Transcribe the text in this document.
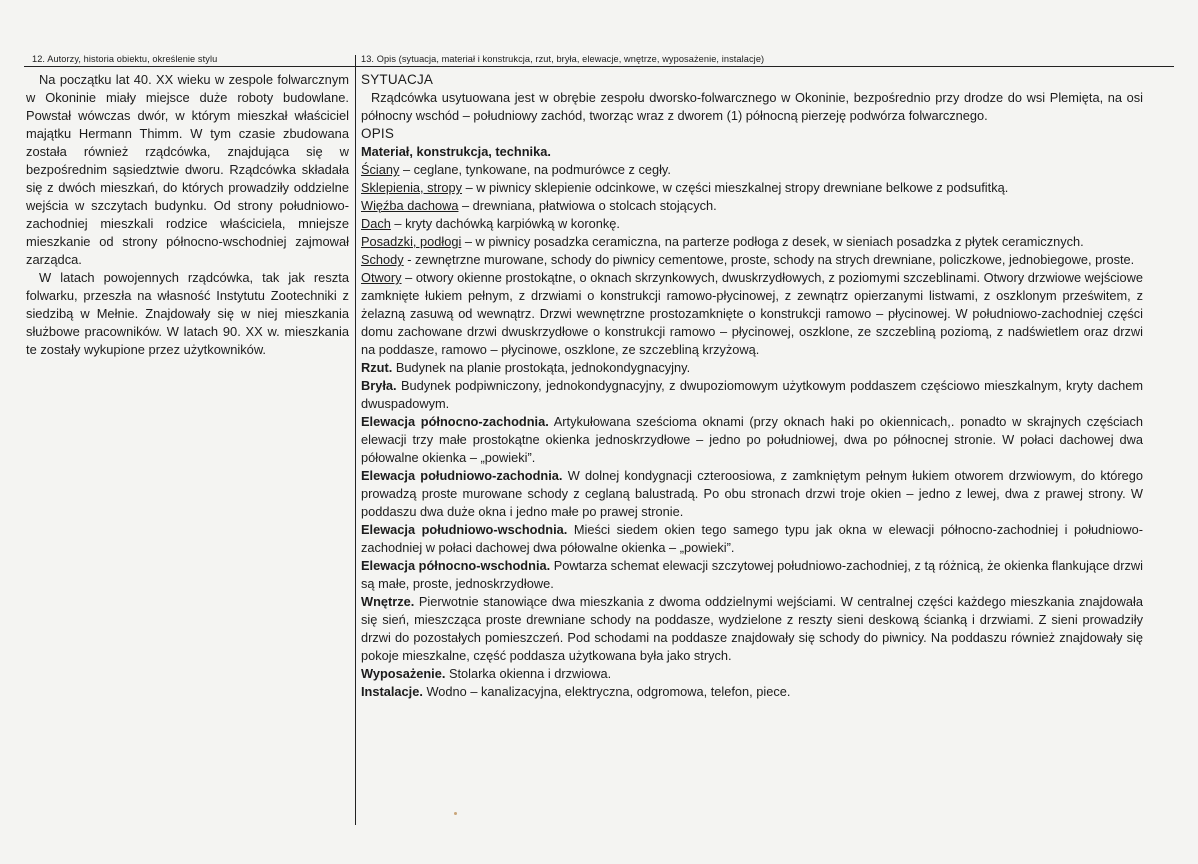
12. Autorzy, historia obiektu, określenie stylu	13. Opis (sytuacja, materiał i konstrukcja, rzut, bryła, elewacje, wnętrze, wyposażenie, instalacje)

Na początku lat 40. XX wieku w zespole folwarcznym w Okoninie miały miejsce duże roboty budowlane. Powstał wówczas dwór, w którym mieszkał właściciel majątku Hermann Thimm. W tym czasie zbudowana została również rządcówka, znajdująca się w bezpośrednim sąsiedztwie dworu. Rządcówka składała się z dwóch mieszkań, do których prowadziły oddzielne wejścia w szczytach budynku. Od strony południowo-zachodniej mieszkali rodzice właściciela, mniejsze mieszkanie od strony północno-wschodniej zajmował zarządca.

W latach powojennych rządcówka, tak jak reszta folwarku, przeszła na własność Instytutu Zootechniki z siedzibą w Mełnie. Znajdowały się w niej mieszkania służbowe pracowników. W latach 90. XX w. mieszkania te zostały wykupione przez użytkowników.

SYTUACJA
Rządcówka usytuowana jest w obrębie zespołu dworsko-folwarcznego w Okoninie, bezpośrednio przy drodze do wsi Plemięta, na osi północny wschód – południowy zachód, tworząc wraz z dworem (1) północną pierzeję podwórza folwarcznego.
OPIS
Materiał, konstrukcja, technika.
Ściany – ceglane, tynkowane, na podmurówce z cegły.
Sklepienia, stropy – w piwnicy sklepienie odcinkowe, w części mieszkalnej stropy drewniane belkowe z podsufitką.
Więźba dachowa – drewniana, płatwiowa o stolcach stojących.
Dach – kryty dachówką karpiówką w koronkę.
Posadzki, podłogi – w piwnicy posadzka ceramiczna, na parterze podłoga z desek, w sieniach posadzka z płytek ceramicznych.
Schody - zewnętrzne murowane, schody do piwnicy cementowe, proste, schody na strych drewniane, policzkowe, jednobiegowe, proste.
Otwory – otwory okienne prostokątne, o oknach skrzynkowych, dwuskrzydłowych, z poziomymi szczeblinami. Otwory drzwiowe wejściowe zamknięte łukiem pełnym, z drzwiami o konstrukcji ramowo-płycinowej, z zewnątrz opierzanymi listwami, z oszklonym prześwitem, z żelazną zasuwą od wewnątrz. Drzwi wewnętrzne prostozamknięte o konstrukcji ramowo – płycinowej. W południowo-zachodniej części domu zachowane drzwi dwuskrzydłowe o konstrukcji ramowo – płycinowej, oszklone, ze szczebliną poziomą, z nadświetlem oraz drzwi na poddasze, ramowo – płycinowe, oszklone, ze szczebliną krzyżową.
Rzut. Budynek na planie prostokąta, jednokondygnacyjny.
Bryła. Budynek podpiwniczony, jednokondygnacyjny, z dwupoziomowym użytkowym poddaszem częściowo mieszkalnym, kryty dachem dwuspadowym.
Elewacja północno-zachodnia. Artykułowana sześcioma oknami (przy oknach haki po okiennicach,. ponadto w skrajnych częściach elewacji trzy małe prostokątne okienka jednoskrzydłowe – jedno po południowej, dwa po północnej stronie. W połaci dachowej dwa półowalne okienka – „powieki”.
Elewacja południowo-zachodnia. W dolnej kondygnacji czteroosiowa, z zamkniętym pełnym łukiem otworem drzwiowym, do którego prowadzą proste murowane schody z ceglaną balustradą. Po obu stronach drzwi troje okien – jedno z lewej, dwa z prawej strony. W poddaszu dwa duże okna i jedno małe po prawej stronie.
Elewacja południowo-wschodnia. Mieści siedem okien tego samego typu jak okna w elewacji północno-zachodniej i południowo-zachodniej w połaci dachowej dwa półowalne okienka – „powieki”.
Elewacja północno-wschodnia. Powtarza schemat elewacji szczytowej południowo-zachodniej, z tą różnicą, że okienka flankujące drzwi są małe, proste, jednoskrzydłowe.
Wnętrze. Pierwotnie stanowiące dwa mieszkania z dwoma oddzielnymi wejściami. W centralnej części każdego mieszkania znajdowała się sień, mieszcząca proste drewniane schody na poddasze, wydzielone z reszty sieni deskową ścianką i drzwiami. Z sieni prowadziły drzwi do pozostałych pomieszczeń. Pod schodami na poddasze znajdowały się schody do piwnicy. Na poddaszu również znajdowały się pokoje mieszkalne, część poddasza użytkowana była jako strych.
Wyposażenie. Stolarka okienna i drzwiowa.
Instalacje. Wodno – kanalizacyjna, elektryczna, odgromowa, telefon, piece.
